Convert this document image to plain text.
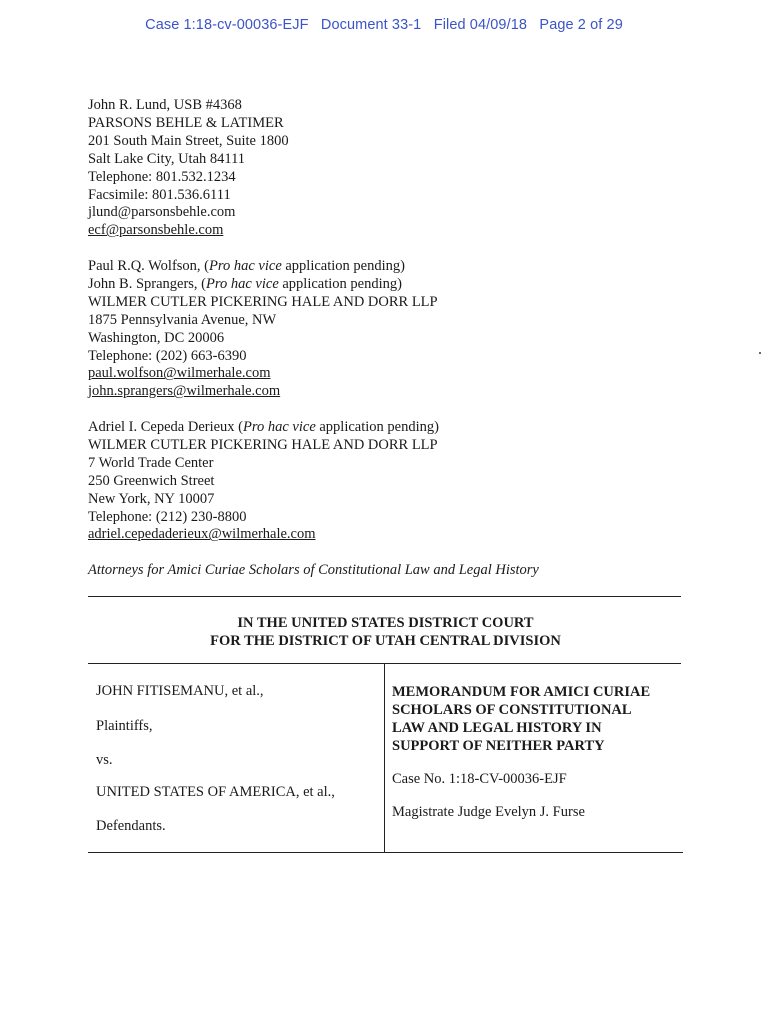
Case 1:18-cv-00036-EJF   Document 33-1   Filed 04/09/18   Page 2 of 29
John R. Lund, USB #4368
PARSONS BEHLE & LATIMER
201 South Main Street, Suite 1800
Salt Lake City, Utah 84111
Telephone: 801.532.1234
Facsimile: 801.536.6111
jlund@parsonsbehle.com
ecf@parsonsbehle.com
Paul R.Q. Wolfson, (Pro hac vice application pending)
John B. Sprangers, (Pro hac vice application pending)
WILMER CUTLER PICKERING HALE AND DORR LLP
1875 Pennsylvania Avenue, NW
Washington, DC 20006
Telephone: (202) 663-6390
paul.wolfson@wilmerhale.com
john.sprangers@wilmerhale.com
Adriel I. Cepeda Derieux (Pro hac vice application pending)
WILMER CUTLER PICKERING HALE AND DORR LLP
7 World Trade Center
250 Greenwich Street
New York, NY 10007
Telephone: (212) 230-8800
adriel.cepedaderieux@wilmerhale.com
Attorneys for Amici Curiae Scholars of Constitutional Law and Legal History
IN THE UNITED STATES DISTRICT COURT
FOR THE DISTRICT OF UTAH CENTRAL DIVISION
JOHN FITISEMANU, et al.,
Plaintiffs,
vs.
UNITED STATES OF AMERICA, et al.,
Defendants.
MEMORANDUM FOR AMICI CURIAE
SCHOLARS OF CONSTITUTIONAL
LAW AND LEGAL HISTORY IN
SUPPORT OF NEITHER PARTY
Case No. 1:18-CV-00036-EJF
Magistrate Judge Evelyn J. Furse
